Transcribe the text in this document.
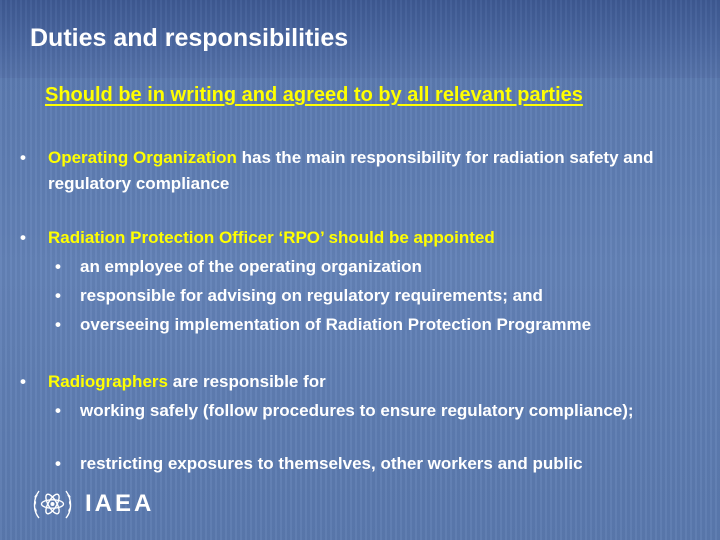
Duties and responsibilities

Should be in writing and agreed to by all relevant parties

• Operating Organization has the main responsibility for radiation safety and regulatory compliance
• Radiation Protection Officer ‘RPO’ should be appointed
• an employee of the operating organization
• responsible for advising on regulatory requirements; and
• overseeing implementation of Radiation Protection Programme
• Radiographers are responsible for
• working safely (follow procedures to ensure regulatory compliance);
• restricting exposures to themselves, other workers and public
IAEA
